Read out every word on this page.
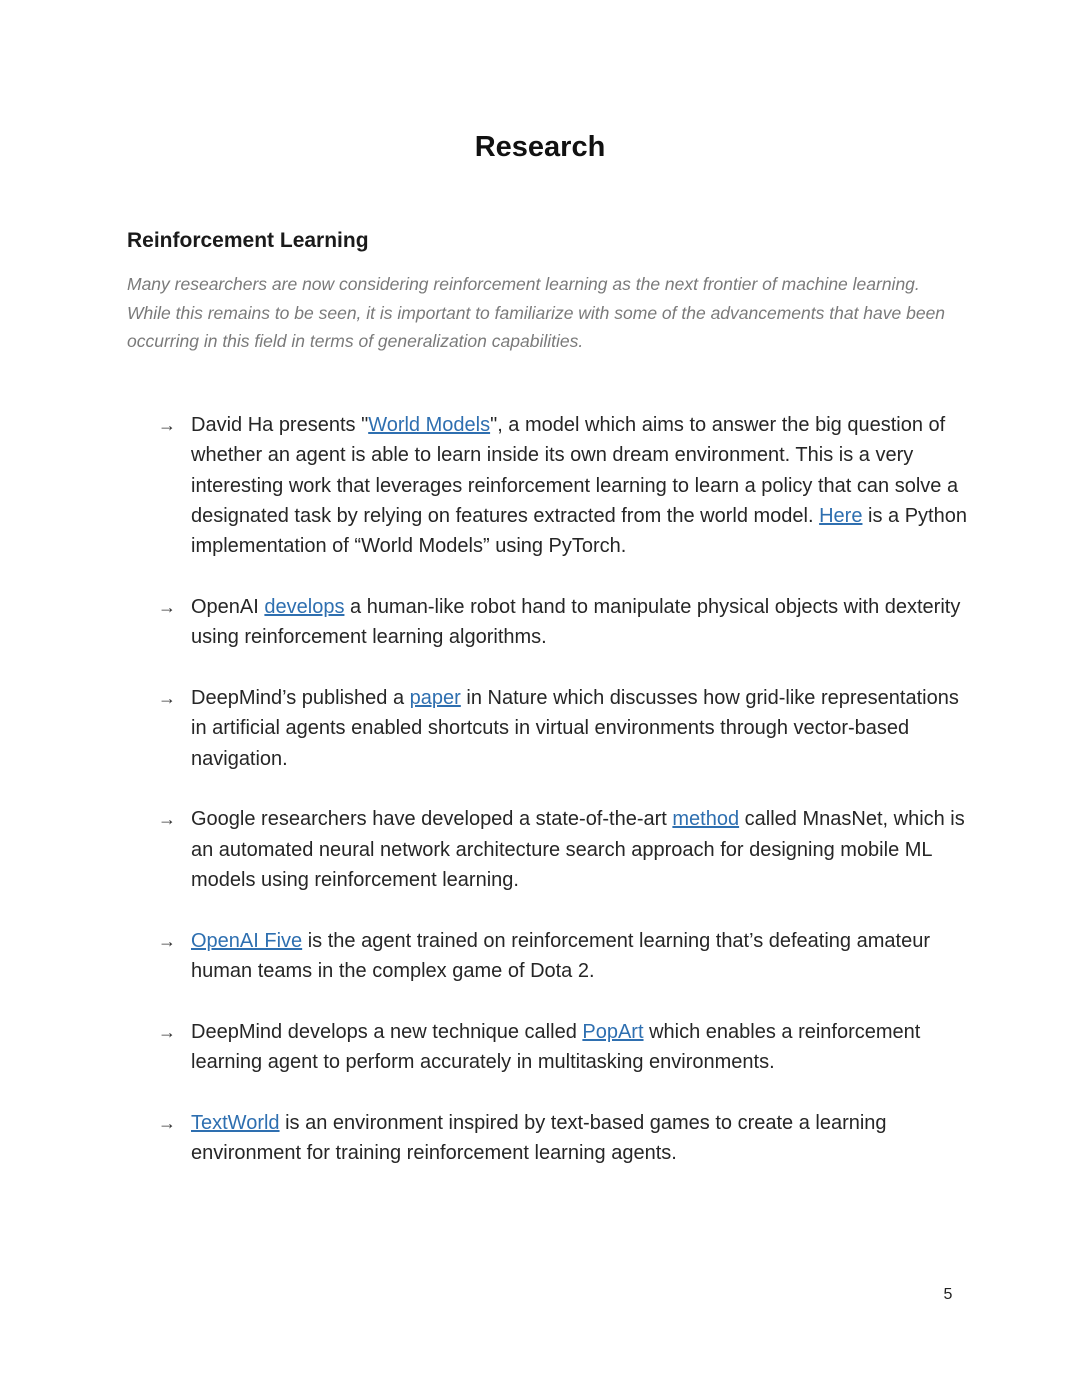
Research
Reinforcement Learning

Many researchers are now considering reinforcement learning as the next frontier of machine learning. While this remains to be seen, it is important to familiarize with some of the advancements that have been occurring in this field in terms of generalization capabilities.

→ David Ha presents "World Models", a model which aims to answer the big question of whether an agent is able to learn inside its own dream environment. This is a very interesting work that leverages reinforcement learning to learn a policy that can solve a designated task by relying on features extracted from the world model. Here is a Python implementation of “World Models” using PyTorch.
→ OpenAI develops a human-like robot hand to manipulate physical objects with dexterity using reinforcement learning algorithms.
→ DeepMind’s published a paper in Nature which discusses how grid-like representations in artificial agents enabled shortcuts in virtual environments through vector-based navigation.
→ Google researchers have developed a state-of-the-art method called MnasNet, which is an automated neural network architecture search approach for designing mobile ML models using reinforcement learning.
→ OpenAI Five is the agent trained on reinforcement learning that’s defeating amateur human teams in the complex game of Dota 2.
→ DeepMind develops a new technique called PopArt which enables a reinforcement learning agent to perform accurately in multitasking environments.
→ TextWorld is an environment inspired by text-based games to create a learning environment for training reinforcement learning agents.
5
